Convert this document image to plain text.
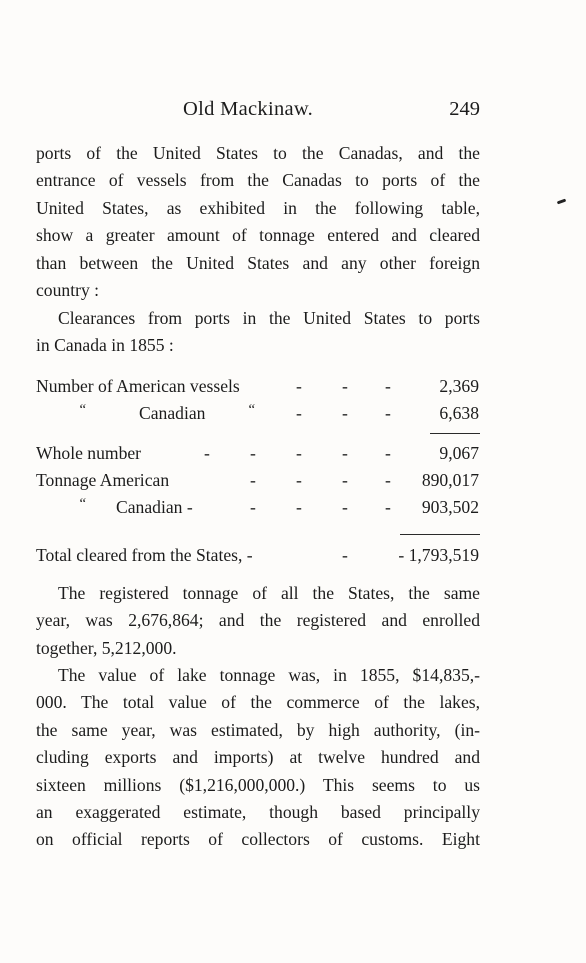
Old Mackinaw.	249
ports of the United States to the Canadas, and the
entrance of vessels from the Canadas to ports of the
United States, as exhibited in the following table,
show a greater amount of tonnage entered and cleared
than between the United States and any other foreign
country :
Clearances from ports in the United States to ports
in Canada in 1855 :
Number of American vessels	- - -	2,369
“	Canadian	“ - - -	6,638
Whole number	- - - - -	9,067
Tonnage American	- - - - 890,017
“ Canadian -	- - - - 903,502
Total cleared from the States, -	-	- 1,793,519
The registered tonnage of all the States, the same
year, was 2,676,864; and the registered and enrolled
together, 5,212,000.
The value of lake tonnage was, in 1855, $14,835,-
000. The total value of the commerce of the lakes,
the same year, was estimated, by high authority, (in-
cluding exports and imports) at twelve hundred and
sixteen millions ($1,216,000,000.) This seems to us
an exaggerated estimate, though based principally
on official reports of collectors of customs. Eight
